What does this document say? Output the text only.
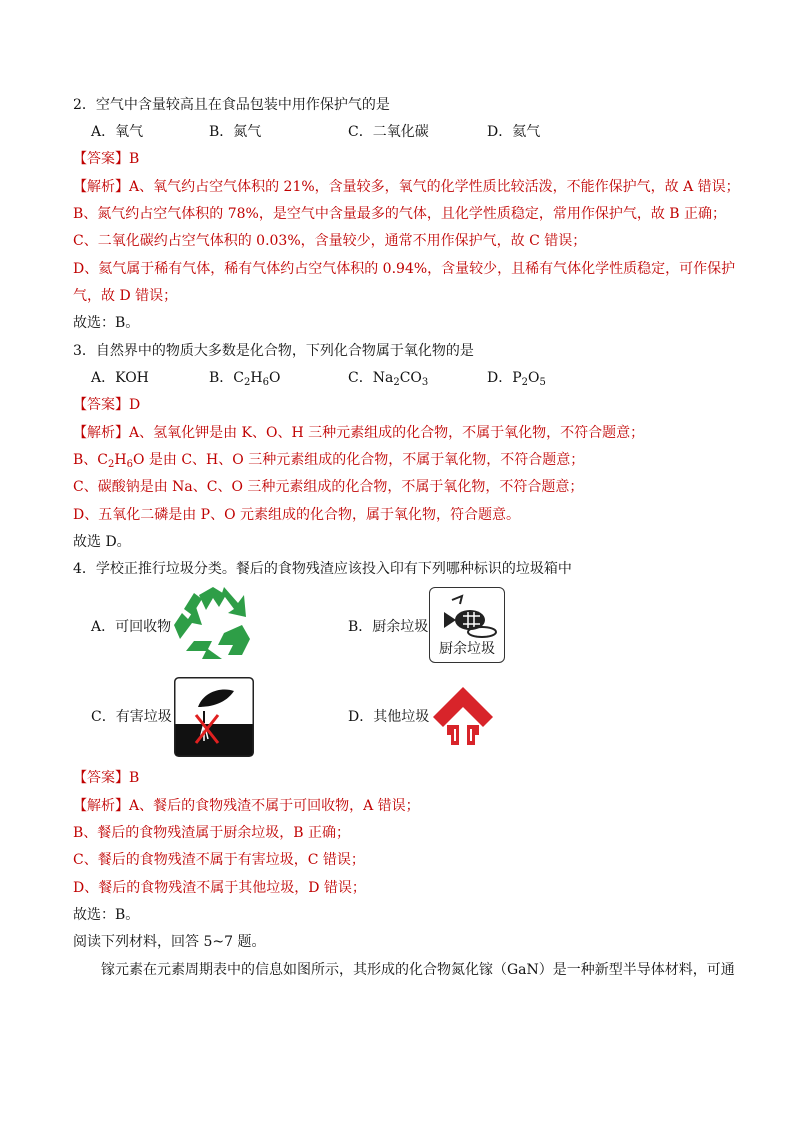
2．空气中含量较高且在食品包装中用作保护气的是
A．氧气	B．氮气	C．二氧化碳	D．氦气
【答案】B
【解析】A、氧气约占空气体积的 21%，含量较多，氧气的化学性质比较活泼，不能作保护气，故 A 错误；
B、氮气约占空气体积的 78%，是空气中含量最多的气体，且化学性质稳定，常用作保护气，故 B 正确；
C、二氧化碳约占空气体积的 0.03%，含量较少，通常不用作保护气，故 C 错误；
D、氦气属于稀有气体，稀有气体约占空气体积的 0.94%，含量较少，且稀有气体化学性质稳定，可作保护
气，故 D 错误；
故选：B。
3．自然界中的物质大多数是化合物，下列化合物属于氧化物的是
A．KOH	B．$C_2H_6O$	C．$Na_2CO_3$	D．$P_2O_5$
【答案】D
【解析】A、氢氧化钾是由 K、O、H 三种元素组成的化合物，不属于氧化物，不符合题意；
B、$C_2H_6O$ 是由 C、H、O 三种元素组成的化合物，不属于氧化物，不符合题意；
C、碳酸钠是由 Na、C、O 三种元素组成的化合物，不属于氧化物，不符合题意；
D、五氧化二磷是由 P、O 元素组成的化合物，属于氧化物，符合题意。
故选 D。
4．学校正推行垃圾分类。餐后的食物残渣应该投入印有下列哪种标识的垃圾箱中
A．可回收物	B．厨余垃圾
厨余垃圾
C．有害垃圾	D．其他垃圾
【答案】B
【解析】A、餐后的食物残渣不属于可回收物，A 错误；
B、餐后的食物残渣属于厨余垃圾，B 正确；
C、餐后的食物残渣不属于有害垃圾，C 错误；
D、餐后的食物残渣不属于其他垃圾，D 错误；
故选：B。
阅读下列材料，回答 5~7 题。
镓元素在元素周期表中的信息如图所示，其形成的化合物氮化镓（GaN）是一种新型半导体材料，可通
